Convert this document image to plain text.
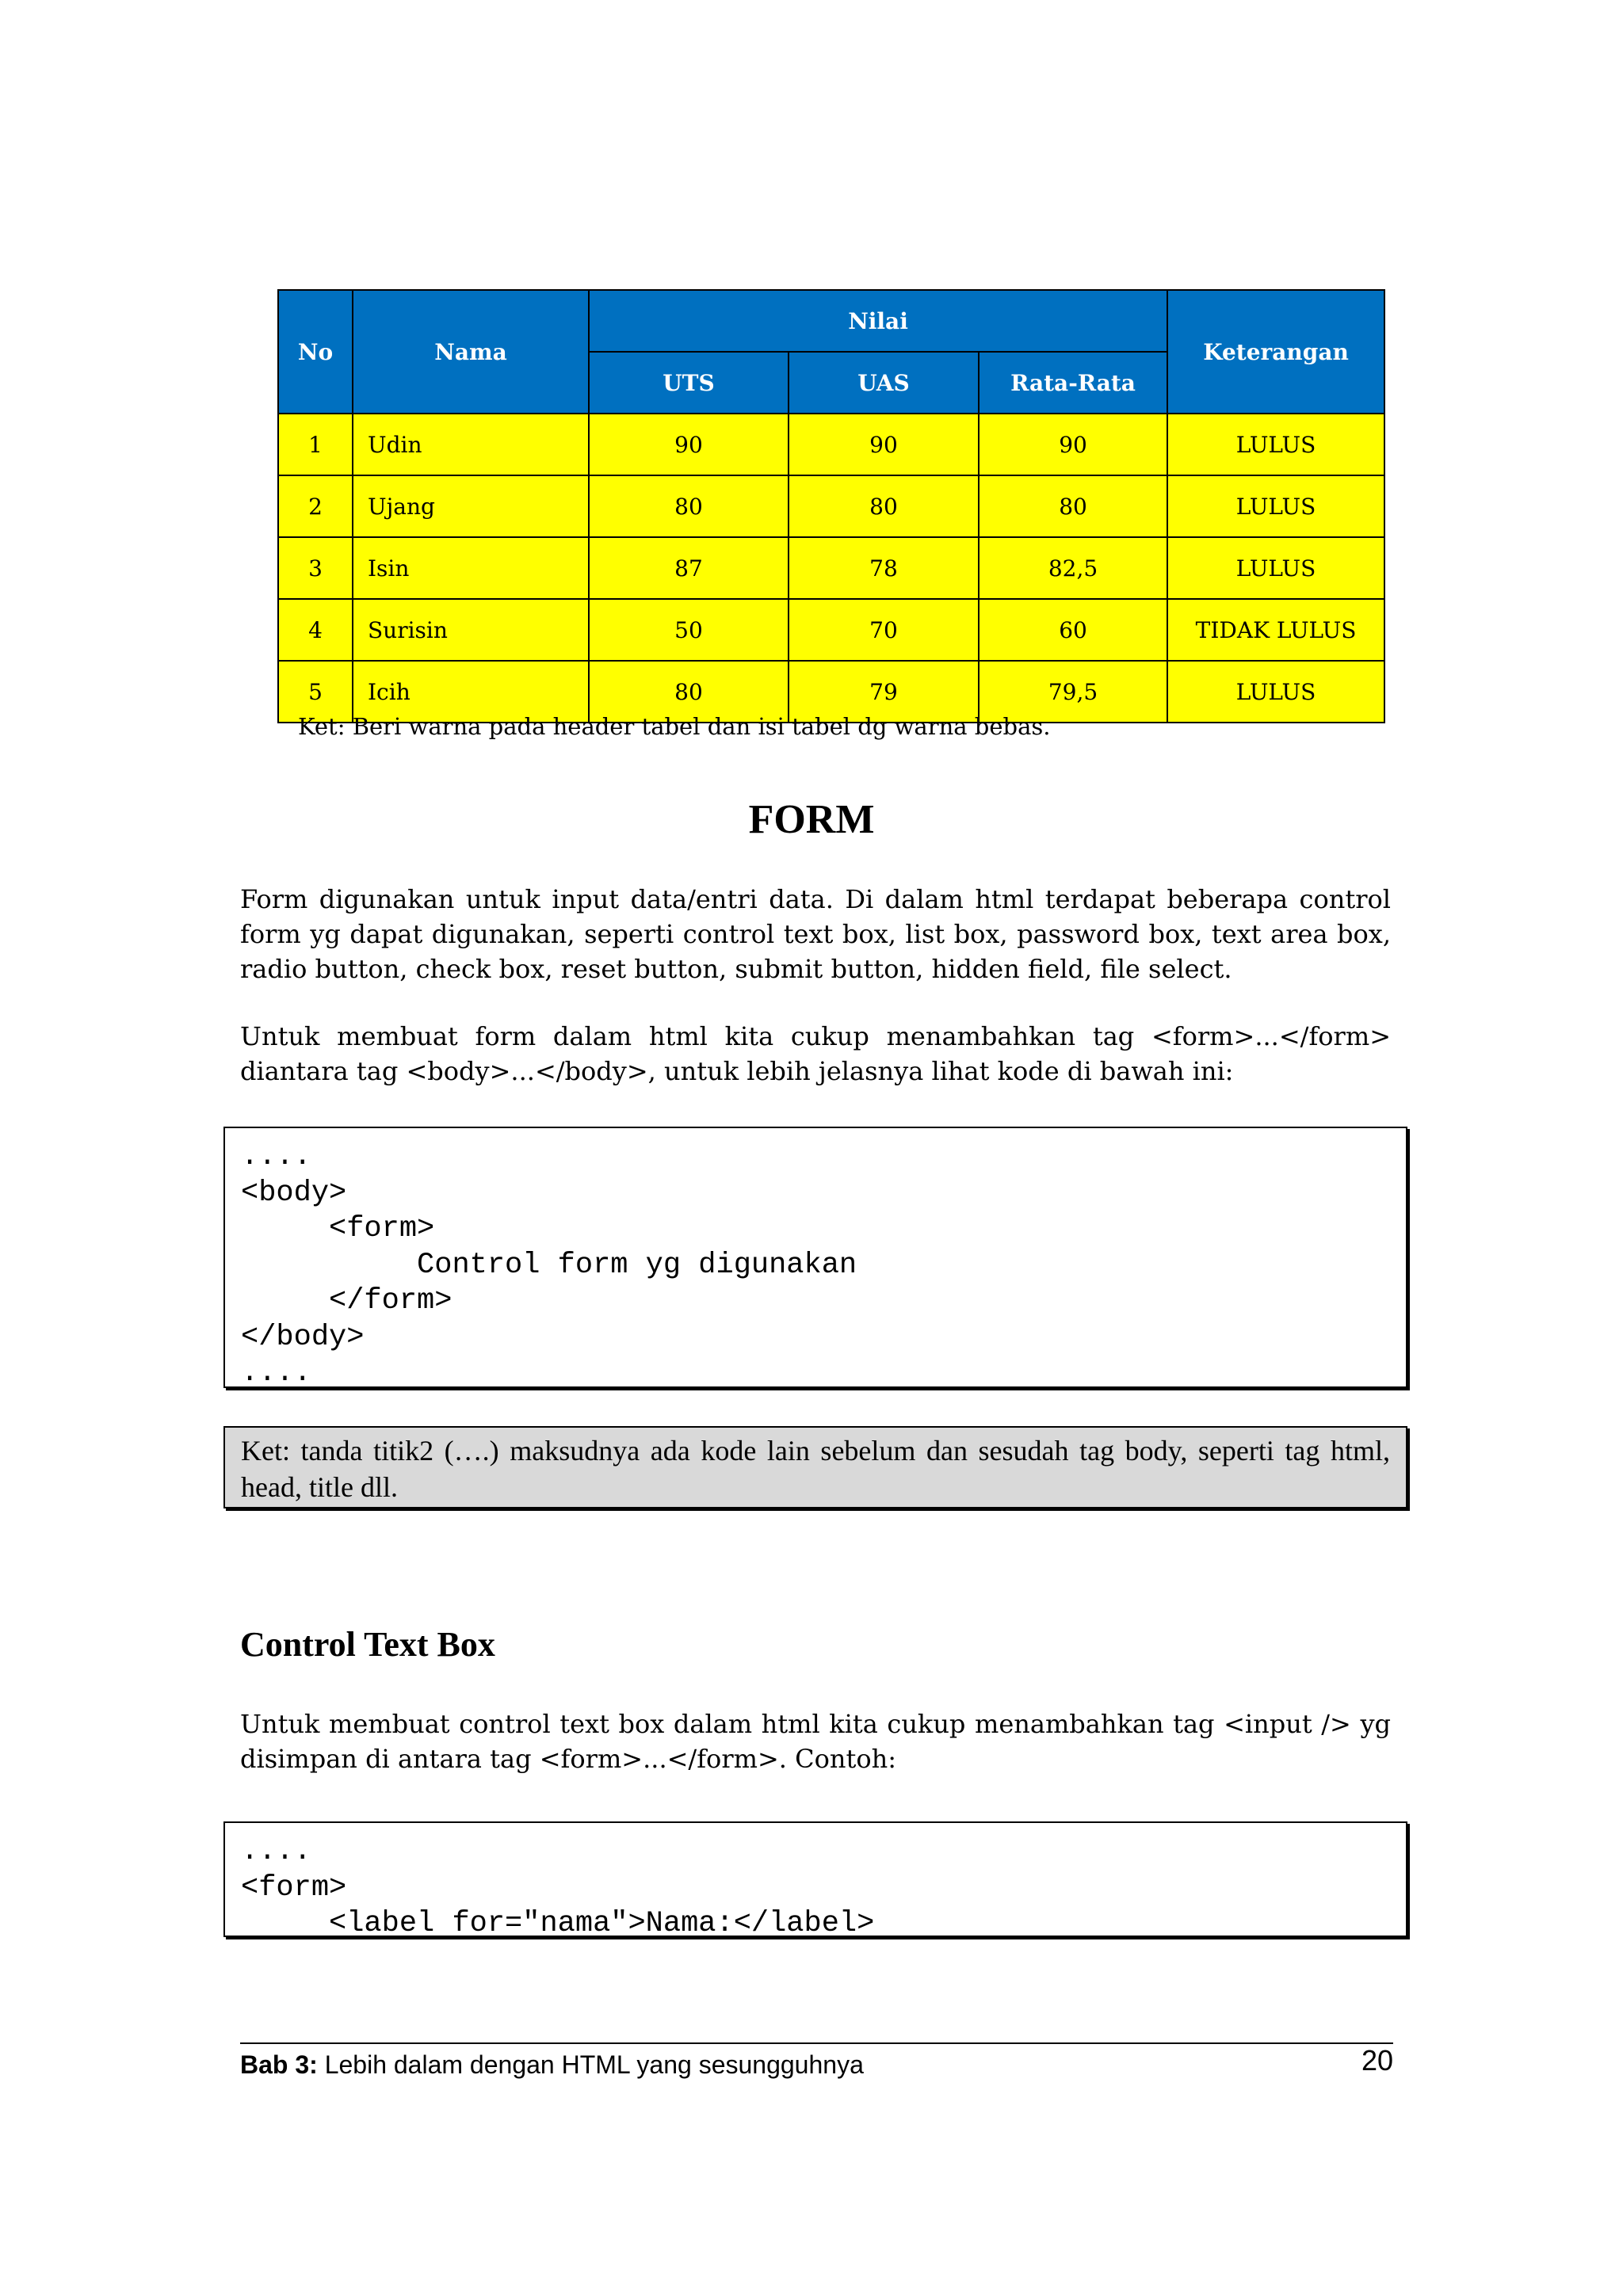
No	Nama	Nilai			Keterangan
		UTS	UAS	Rata-Rata	
1	Udin	90	90	90	LULUS
2	Ujang	80	80	80	LULUS
3	Isin	87	78	82,5	LULUS
4	Surisin	50	70	60	TIDAK LULUS
5	Icih	80	79	79,5	LULUS
Ket: Beri warna pada header tabel dan isi tabel dg warna bebas.
FORM
Form digunakan untuk input data/entri data. Di dalam html terdapat beberapa control form yg dapat digunakan, seperti control text box, list box, password box, text area box, radio button, check box, reset button, submit button, hidden field, file select.
Untuk membuat form dalam html kita cukup menambahkan tag <form>...</form> diantara tag <body>...</body>, untuk lebih jelasnya lihat kode di bawah ini:
....
<body>
<form>
Control form yg digunakan
</form>
</body>
....
Ket: tanda titik2 (….) maksudnya ada kode lain sebelum dan sesudah tag body, seperti tag html, head, title dll.
Control Text Box
Untuk membuat control text box dalam html kita cukup menambahkan tag <input /> yg disimpan di antara tag <form>...</form>. Contoh:
....
<form>
<label for="nama">Nama:</label>
Bab 3: Lebih dalam dengan HTML yang sesungguhnya	20
